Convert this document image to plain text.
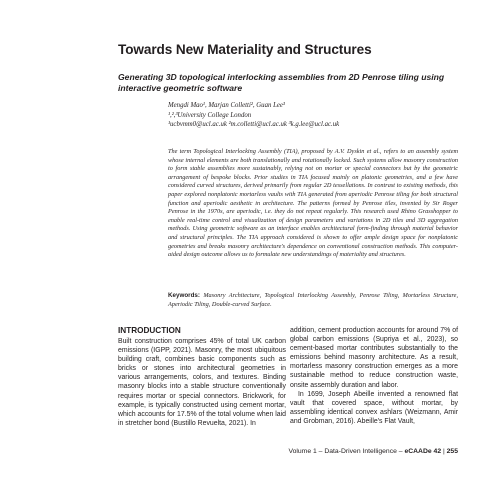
Towards New Materiality and Structures
Generating 3D topological interlocking assemblies from 2D Penrose tiling using interactive geometric software
Mengdi Mao¹, Marjan Colletti², Guan Lee³
¹,²,³University College London
¹ucbvmm0@ucl.ac.uk ²m.colletti@ucl.ac.uk ³k.g.lee@ucl.ac.uk
The term Topological Interlocking Assembly (TIA), proposed by A.V. Dyskin et al., refers to an assembly system whose internal elements are both translationally and rotationally locked. Such systems allow masonry construction to form stable assemblies more sustainably, relying not on mortar or special connectors but by the geometric arrangement of bespoke blocks. Prior studies in TIA focused mainly on platonic geometries, and a few have considered curved structures, derived primarily from regular 2D tessellations. In contrast to existing methods, this paper explored nonplatonic mortarless vaults with TIA generated from aperiodic Penrose tiling for both structural function and aperiodic aesthetic in architecture. The patterns formed by Penrose tiles, invented by Sir Roger Penrose in the 1970s, are aperiodic, i.e. they do not repeat regularly. This research used Rhino Grasshopper to enable real-time control and visualization of design parameters and variations in 2D tiles and 3D aggregation methods. Using geometric software as an interface enables architectural form-finding through material behavior and structural principles. The TIA approach considered is shown to offer ample design space for nonplatonic geometries and breaks masonry architecture's dependence on conventional construction methods. This computer-aided design outcome allows us to formulate new understandings of materiality and structures.
Keywords: Masonry Architecture, Topological Interlocking Assembly, Penrose Tiling, Mortarless Structure, Aperiodic Tiling, Double-curved Surface.
INTRODUCTION

Built construction comprises 45% of total UK carbon emissions (IGPP, 2021). Masonry, the most ubiquitous building craft, combines basic components such as bricks or stones into architectural geometries in various arrangements, colors, and textures. Binding masonry blocks into a stable structure conventionally requires mortar or special connectors. Brickwork, for example, is typically constructed using cement mortar, which accounts for 17.5% of the total volume when laid in stretcher bond (Bustillo Revuelta, 2021). In

addition, cement production accounts for around 7% of global carbon emissions (Supriya et al., 2023), so cement-based mortar contributes substantially to the emissions behind masonry architecture. As a result, mortarless masonry construction emerges as a more sustainable method to reduce construction waste, onsite assembly duration and labor.

In 1699, Joseph Abeille invented a renowned flat vault that covered space, without mortar, by assembling identical convex ashlars (Weizmann, Amir and Grobman, 2016). Abeille's Flat Vault,

Volume 1 – Data-Driven Intelligence – eCAADe 42 | 255
